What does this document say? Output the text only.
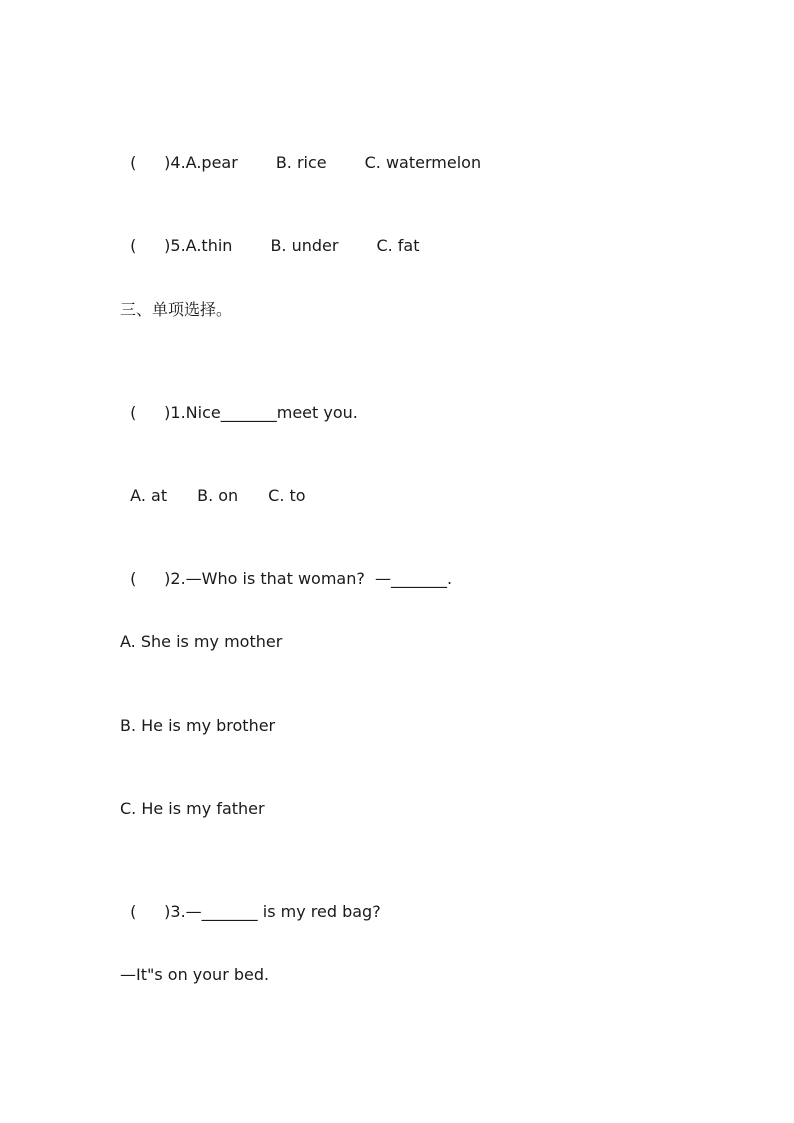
( )4.A.pear B. rice C. watermelon

( )5.A.thin B. under C. fat

三、单项选择。

( )1.Nice_______meet you.

A. at B. on C. to

( )2.—Who is that woman?  —_______.

A. She is my mother
B. He is my brother
C. He is my father

( )3.—_______ is my red bag?

—It"s on your bed.
